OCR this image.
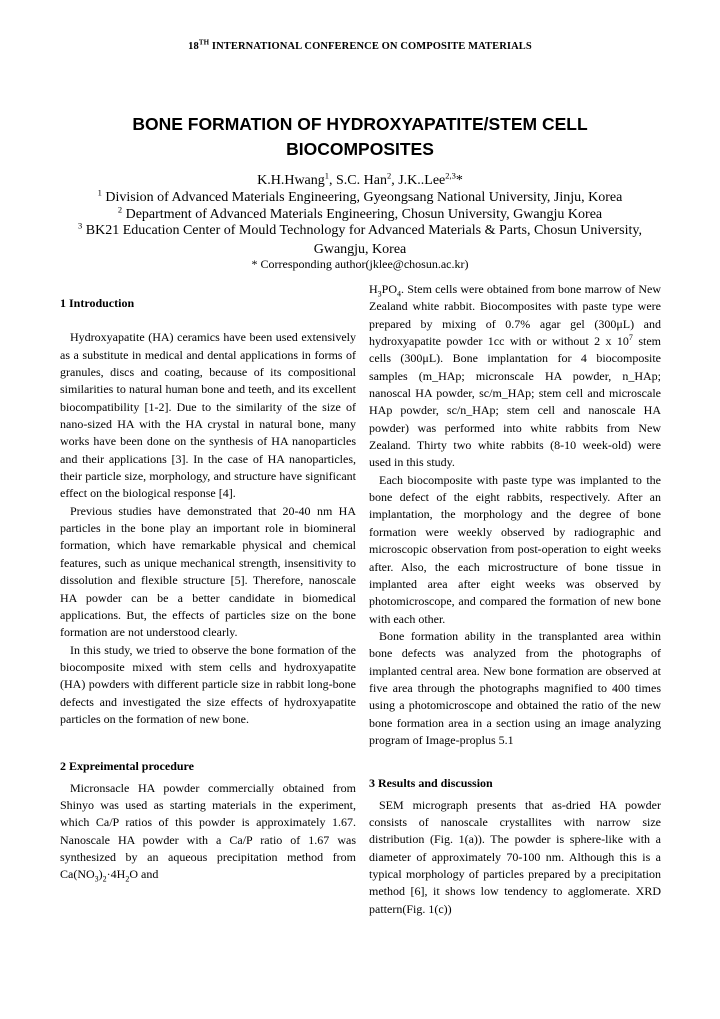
18TH INTERNATIONAL CONFERENCE ON COMPOSITE MATERIALS
BONE FORMATION OF HYDROXYAPATITE/STEM CELL
BIOCOMPOSITES
K.H.Hwang$^1$, S.C. Han$^2$, J.K..Lee$^{2,3}$*
$^1$ Division of Advanced Materials Engineering, Gyeongsang National University, Jinju, Korea
$^2$ Department of Advanced Materials Engineering, Chosun University, Gwangju Korea
$^3$ BK21 Education Center of Mould Technology for Advanced Materials & Parts, Chosun University, Gwangju, Korea
* Corresponding author(jklee@chosun.ac.kr)
1 Introduction

Hydroxyapatite (HA) ceramics have been used extensively as a substitute in medical and dental applications in forms of granules, discs and coating, because of its compositional similarities to natural human bone and teeth, and its excellent biocompatibility [1-2]. Due to the similarity of the size of nano-sized HA with the HA crystal in natural bone, many works have been done on the synthesis of HA nanoparticles and their applications [3]. In the case of HA nanoparticles, their particle size, morphology, and structure have significant effect on the biological response [4].

Previous studies have demonstrated that 20-40 nm HA particles in the bone play an important role in biomineral formation, which have remarkable physical and chemical features, such as unique mechanical strength, insensitivity to dissolution and flexible structure [5]. Therefore, nanoscale HA powder can be a better candidate in biomedical applications. But, the effects of particles size on the bone formation are not understood clearly.

In this study, we tried to observe the bone formation of the biocomposite mixed with stem cells and hydroxyapatite (HA) powders with different particle size in rabbit long-bone defects and investigated the size effects of hydroxyapatite particles on the formation of new bone.

2 Expreimental procedure

Micronsacle HA powder commercially obtained from Shinyo was used as starting materials in the experiment, which Ca/P ratios of this powder is approximately 1.67. Nanoscale HA powder with a Ca/P ratio of 1.67 was synthesized by an aqueous precipitation method from $Ca(NO_3)_2\cdot 4H_2O$ and

$H_3PO_4$. Stem cells were obtained from bone marrow of New Zealand white rabbit. Biocomposites with paste type were prepared by mixing of 0.7% agar gel (300μL) and hydroxyapatite powder 1cc with or without 2 x $10^7$ stem cells (300μL). Bone implantation for 4 biocomposite samples (m_HAp; micronscale HA powder, n_HAp; nanoscal HA powder, sc/m_HAp; stem cell and microscale HAp powder, sc/n_HAp; stem cell and nanoscale HA powder) was performed into white rabbits from New Zealand. Thirty two white rabbits (8-10 week-old) were used in this study.

Each biocomposite with paste type was implanted to the bone defect of the eight rabbits, respectively. After an implantation, the morphology and the degree of bone formation were weekly observed by radiographic and microscopic observation from post-operation to eight weeks after. Also, the each microstructure of bone tissue in implanted area after eight weeks was observed by photomicroscope, and compared the formation of new bone with each other.

Bone formation ability in the transplanted area within bone defects was analyzed from the photographs of implanted central area. New bone formation are observed at five area through the photographs magnified to 400 times using a photomicroscope and obtained the ratio of the new bone formation area in a section using an image analyzing program of Image-proplus 5.1

3 Results and discussion

SEM micrograph presents that as-dried HA powder consists of nanoscale crystallites with narrow size distribution (Fig. 1(a)). The powder is sphere-like with a diameter of approximately 70-100 nm. Although this is a typical morphology of particles prepared by a precipitation method [6], it shows low tendency to agglomerate. XRD pattern(Fig. 1(c))
